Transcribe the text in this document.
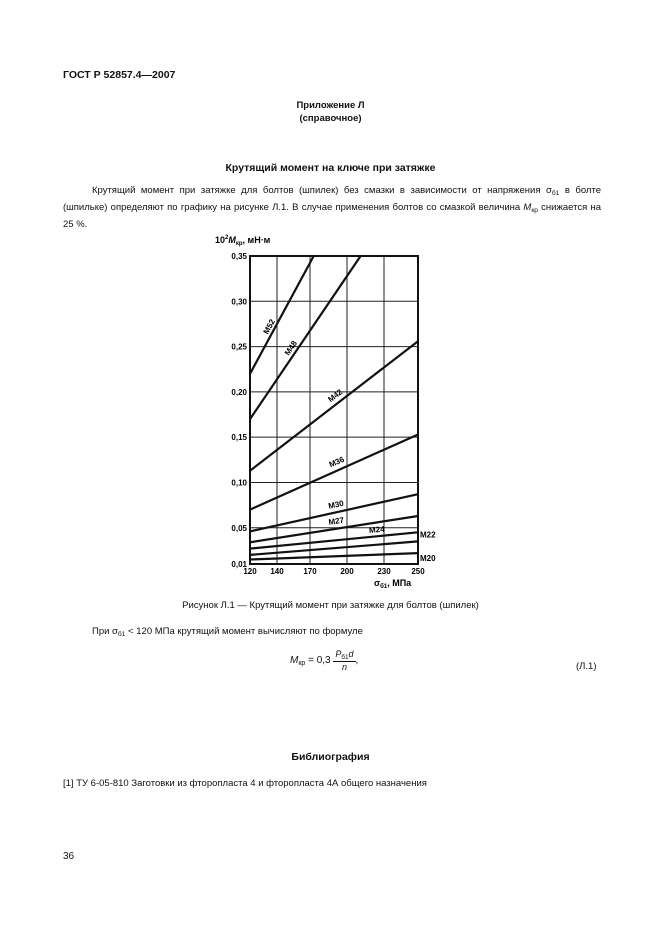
ГОСТ Р 52857.4—2007
Приложение Л
(справочное)
Крутящий момент на ключе при затяжке
Крутящий момент при затяжке для болтов (шпилек) без смазки в зависимости от напряжения $\sigma_{б1}$ в болте (шпильке) определяют по графику на рисунке Л.1. В случае применения болтов со смазкой величина $M_{кр}$ снижается на 25 %.
$10^2M_{кр}$, мН·м
М52
М48
М42
М36
М30
М27
М24	М22
М20
0,35
0,30
0,25
0,20
0,15
0,10
0,05
0,01
120 140 170	200	230	250
$\sigma_{б1}$, МПа
Рисунок Л.1 — Крутящий момент при затяжке для болтов (шпилек)
При $\sigma_{б1} < 120$ МПа крутящий момент вычисляют по формуле
$M_{кр} = 0,3 \frac{P_{б1}d}{n}$ ,
(Л.1)
Библиография
[1] ТУ 6-05-810 Заготовки из фторопласта 4 и фторопласта 4А общего назначения
36
